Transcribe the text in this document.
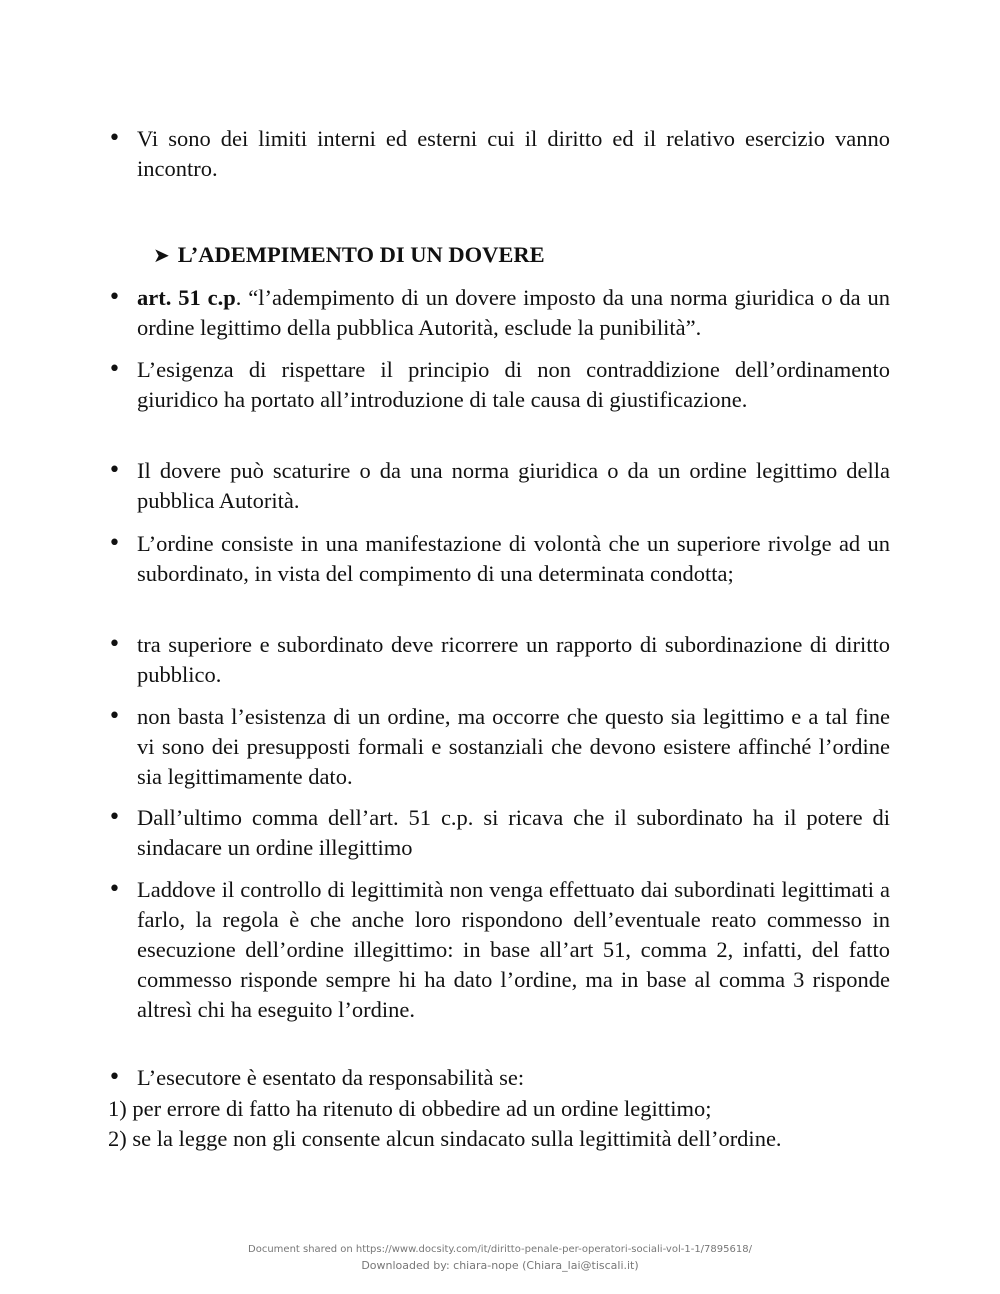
• Vi sono dei limiti interni ed esterni cui il diritto ed il relativo esercizio vanno incontro.
➤ L’ADEMPIMENTO DI UN DOVERE
• art. 51 c.p. “l’adempimento di un dovere imposto da una norma giuridica o da un ordine legittimo della pubblica Autorità, esclude la punibilità”.
• L’esigenza di rispettare il principio di non contraddizione dell’ordinamento giuridico ha portato all’introduzione di tale causa di giustificazione.
• Il dovere può scaturire o da una norma giuridica o da un ordine legittimo della pubblica Autorità.
• L’ordine consiste in una manifestazione di volontà che un superiore rivolge ad un subordinato, in vista del compimento di una determinata condotta;
• tra superiore e subordinato deve ricorrere un rapporto di subordinazione di diritto pubblico.
• non basta l’esistenza di un ordine, ma occorre che questo sia legittimo e a tal fine vi sono dei presupposti formali e sostanziali che devono esistere affinché l’ordine sia legittimamente dato.
• Dall’ultimo comma dell’art. 51 c.p. si ricava che il subordinato ha il potere di sindacare un ordine illegittimo
• Laddove il controllo di legittimità non venga effettuato dai subordinati legittimati a farlo, la regola è che anche loro rispondono dell’eventuale reato commesso in esecuzione dell’ordine illegittimo: in base all’art 51, comma 2, infatti, del fatto commesso risponde sempre hi ha dato l’ordine, ma in base al comma 3 risponde altresì chi ha eseguito l’ordine.
• L’esecutore è esentato da responsabilità se:
1) per errore di fatto ha ritenuto di obbedire ad un ordine legittimo;
2) se la legge non gli consente alcun sindacato sulla legittimità dell’ordine.
Document shared on https://www.docsity.com/it/diritto-penale-per-operatori-sociali-vol-1-1/7895618/
Downloaded by: chiara-nope (Chiara_lai@tiscali.it)
